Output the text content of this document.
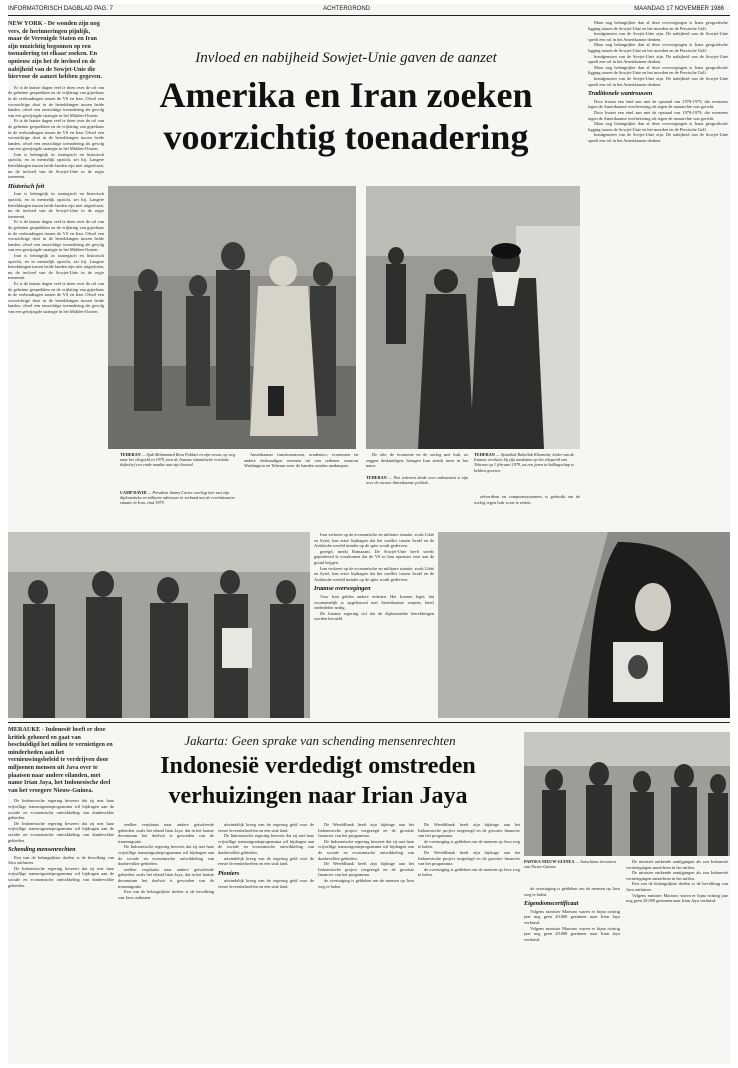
INFORMATORISCH DAGBLAD PAG. 7	ACHTERGROND	MAANDAG 17 NOVEMBER 1986
NEW YORK - De wonden zijn nog vers, de herinneringen pijnlijk, maar de Verenigde Staten en Iran zijn omzichtig begonnen op een toenadering tot elkaar zoeken. En opnieuw zijn het de invloed en de nabijheid van de Sowjet-Unie die hiervoor de aanzet hebben gegeven.

Er is de laatste dagen veel te doen over de rol van de geheime gesprekken en de vrijlating van gijzelaars in de verhoudingen tussen de VS en Iran. Ofwel een voorzichtige dooi in de betrekkingen tussen beide landen, ofwel een omzichtige toenadering als gevolg van een gewijzigde strategie in het Midden-Oosten.

Er is de laatste dagen veel te doen over de rol van de geheime gesprekken en de vrijlating van gijzelaars in de verhoudingen tussen de VS en Iran. Ofwel een voorzichtige dooi in de betrekkingen tussen beide landen, ofwel een omzichtige toenadering als gevolg van een gewijzigde strategie in het Midden-Oosten.

Iran is belangrijk in strategisch en historisch opzicht, en in menselijk opzicht, zei hij. Langere betrekkingen tussen beide landen zijn niet uitgesloten, nu de invloed van de Sowjet-Unie in de regio toeneemt.

Historisch feit

Iran is belangrijk in strategisch en historisch opzicht, en in menselijk opzicht, zei hij. Langere betrekkingen tussen beide landen zijn niet uitgesloten, nu de invloed van de Sowjet-Unie in de regio toeneemt.

Er is de laatste dagen veel te doen over de rol van de geheime gesprekken en de vrijlating van gijzelaars in de verhoudingen tussen de VS en Iran. Ofwel een voorzichtige dooi in de betrekkingen tussen beide landen, ofwel een omzichtige toenadering als gevolg van een gewijzigde strategie in het Midden-Oosten.

Iran is belangrijk in strategisch en historisch opzicht, en in menselijk opzicht, zei hij. Langere betrekkingen tussen beide landen zijn niet uitgesloten, nu de invloed van de Sowjet-Unie in de regio toeneemt.

Er is de laatste dagen veel te doen over de rol van de geheime gesprekken en de vrijlating van gijzelaars in de verhoudingen tussen de VS en Iran. Ofwel een voorzichtige dooi in de betrekkingen tussen beide landen, ofwel een omzichtige toenadering als gevolg van een gewijzigde strategie in het Midden-Oosten.

Invloed en nabijheid Sowjet-Unie gaven de aanzet
Amerika en Iran zoeken
voorzichtig toenadering

Maar nog belangrijker dan al deze overwegingen is Irans geografische ligging tussen de Sowjet-Unie en het noorden en de Perzische Golf.

bondgenoten van de Sovjet-Unie zijn. De nabijheid van de Sowjet-Unie speelt een rol in het Amerikaanse denken.

Maar nog belangrijker dan al deze overwegingen is Irans geografische ligging tussen de Sowjet-Unie en het noorden en de Perzische Golf.

bondgenoten van de Sovjet-Unie zijn. De nabijheid van de Sowjet-Unie speelt een rol in het Amerikaanse denken.

Maar nog belangrijker dan al deze overwegingen is Irans geografische ligging tussen de Sowjet-Unie en het noorden en de Perzische Golf.

bondgenoten van de Sovjet-Unie zijn. De nabijheid van de Sowjet-Unie speelt een rol in het Amerikaanse denken.

Traditionele wantrouwen

Door kwam een eind aan met de opstand van 1978-1979, die eveneens tegen de Amerikaanse overheersing als tegen de monarchie was gericht.

Door kwam een eind aan met de opstand van 1978-1979, die eveneens tegen de Amerikaanse overheersing als tegen de monarchie was gericht.

Maar nog belangrijker dan al deze overwegingen is Irans geografische ligging tussen de Sowjet-Unie en het noorden en de Perzische Golf.

bondgenoten van de Sovjet-Unie zijn. De nabijheid van de Sowjet-Unie speelt een rol in het Amerikaanse denken.

TEHERAN — Sjah Mohammed Reza Pahlavi en zijn vrouw, op weg naar het vliegveld in 1979, toen de Iraanse islamitische revolutie definitief een einde maakte aan zijn bewind.

Amerikaanse functionarissen, academici, economen en andere deskundigen noemen tal van redenen waarom Washington en Teheran weer de banden zouden aanknopen.

CAMP DAVID — President Jimmy Carter overlegt hier met zijn diplomatieke en militaire adviseurs in verband met de revolutionaire situatie in Iran, eind 1979.

De olie, de economie en de oorlog met Irak, zo zeggen deskundigen, brengen Iran steeds meer in het nauw.

TEHERAN — Niet iedereen denkt even enthousiast te zijn over de nieuwe Amerikaanse politiek.
TEHERAN — Ayatollah Ruhollah Khomeini, leider van de Iraanse revolutie bij zijn aankomst op het vliegveld van Teheran op 1 februari 1979, na een jaren in ballingschap te hebben gezeten.

zelverdient en computersystemen, is gebruikt om de oorlog tegen Irak voort te zetten.

Iran verkeert op de economische en militaire situatie, zoals Libië en Syrië, kan ertoe bijdragen dat het conflict tussen Israël en de Arabische wereld minder op de spits wordt gedreven.

gezegd, merkt Ramazani. De Sowjet-Unie heeft steeds geprobeerd te voorkomen dat de VS in Iran opnieuw voet aan de grond krijgen.

Iran verkeert op de economische en militaire situatie, zoals Libië en Syrië, kan ertoe bijdragen dat het conflict tussen Israël en de Arabische wereld minder op de spits wordt gedreven.

Iraanse overwegingen

Voor Iran gelden andere redenen. Het Iraanse leger, dat voornamelijk is opgebouwd met Amerikaanse wapens, heeft onderdelen nodig.

De Iraanse regering wil dat de diplomatieke betrekkingen worden hersteld.

MERAUKE - Indonesië heeft er deze kritiek gehoord en gaat van beschuldigd het milieu te vernietigen en minderheden aan het vernieuwingsbeleid te verdrijven door miljoenen mensen uit Java over te plaatsen naar andere eilanden, met name Irian Jaya, het Indonesische deel van het vroegere Nieuw-Guinea.

De Indonesische regering beweert dat zij met haar vrijwillige transmigratieprogramma wil bijdragen aan de sociale en economische ontwikkeling van dunbevolkte gebieden.

De Indonesische regering beweert dat zij met haar vrijwillige transmigratieprogramma wil bijdragen aan de sociale en economische ontwikkeling van dunbevolkte gebieden.

Schending mensenrechten

Een van de belangrijkste doelen is de bevolking van Java ontlasten.

De Indonesische regering beweert dat zij met haar vrijwillige transmigratieprogramma wil bijdragen aan de sociale en economische ontwikkeling van dunbevolkte gebieden.

Jakarta: Geen sprake van schending mensenrechten
Indonesië verdedigt omstreden
verhuizingen naar Irian Jaya

zeellen verplaatst naar andere geïsoleerde gebieden, zoals het eiland Irian Jaya, dat in het laatste decennium het doelwit is geworden van de transmigratie.

De Indonesische regering beweert dat zij met haar vrijwillige transmigratieprogramma wil bijdragen aan de sociale en economische ontwikkeling van dunbevolkte gebieden.

zeellen verplaatst naar andere geïsoleerde gebieden, zoals het eiland Irian Jaya, dat in het laatste decennium het doelwit is geworden van de transmigratie.

Een van de belangrijkste doelen is de bevolking van Java ontlasten.

uiteindelijk kreeg van de regering geld voor de eerste levensbehoeften en een stuk land.

De Indonesische regering beweert dat zij met haar vrijwillige transmigratieprogramma wil bijdragen aan de sociale en economische ontwikkeling van dunbevolkte gebieden.

uiteindelijk kreeg van de regering geld voor de eerste levensbehoeften en een stuk land.

Pioniers

uiteindelijk kreeg van de regering geld voor de eerste levensbehoeften en een stuk land.

De Wereldbank heeft zijn bijdrage aan het Indonesische project toegezegd en de grootste financier van het programma.

De Indonesische regering beweert dat zij met haar vrijwillige transmigratieprogramma wil bijdragen aan de sociale en economische ontwikkeling van dunbevolkte gebieden.

De Wereldbank heeft zijn bijdrage aan het Indonesische project toegezegd en de grootste financier van het programma.

de overtuiging is gebleken om de mensen op Java weg te halen.

De Wereldbank heeft zijn bijdrage aan het Indonesische project toegezegd en de grootste financier van het programma.

de overtuiging is gebleken om de mensen op Java weg te halen.

De Wereldbank heeft zijn bijdrage aan het Indonesische project toegezegd en de grootste financier van het programma.

de overtuiging is gebleken om de mensen op Java weg te halen.

PAPOEA NIEUW-GUINEA — Autochtone bewoners van Nieuw-Guinea.

de overtuiging is gebleken om de mensen op Java weg te halen.

Eigendomscertificaat

Volgens minister Martono waren er bijna twintig jaar nog geen 20.000 gezinnen naar Irian Jaya verhuisd.

Volgens minister Martono waren er bijna twintig jaar nog geen 20.000 gezinnen naar Irian Jaya verhuisd.

De minister ontkende aantijgingen als zou Indonesië vernietigingen aanrichten in het milieu.

De minister ontkende aantijgingen als zou Indonesië vernietigingen aanrichten in het milieu.

Een van de belangrijkste doelen is de bevolking van Java ontlasten.

Volgens minister Martono waren er bijna twintig jaar nog geen 20.000 gezinnen naar Irian Jaya verhuisd.
